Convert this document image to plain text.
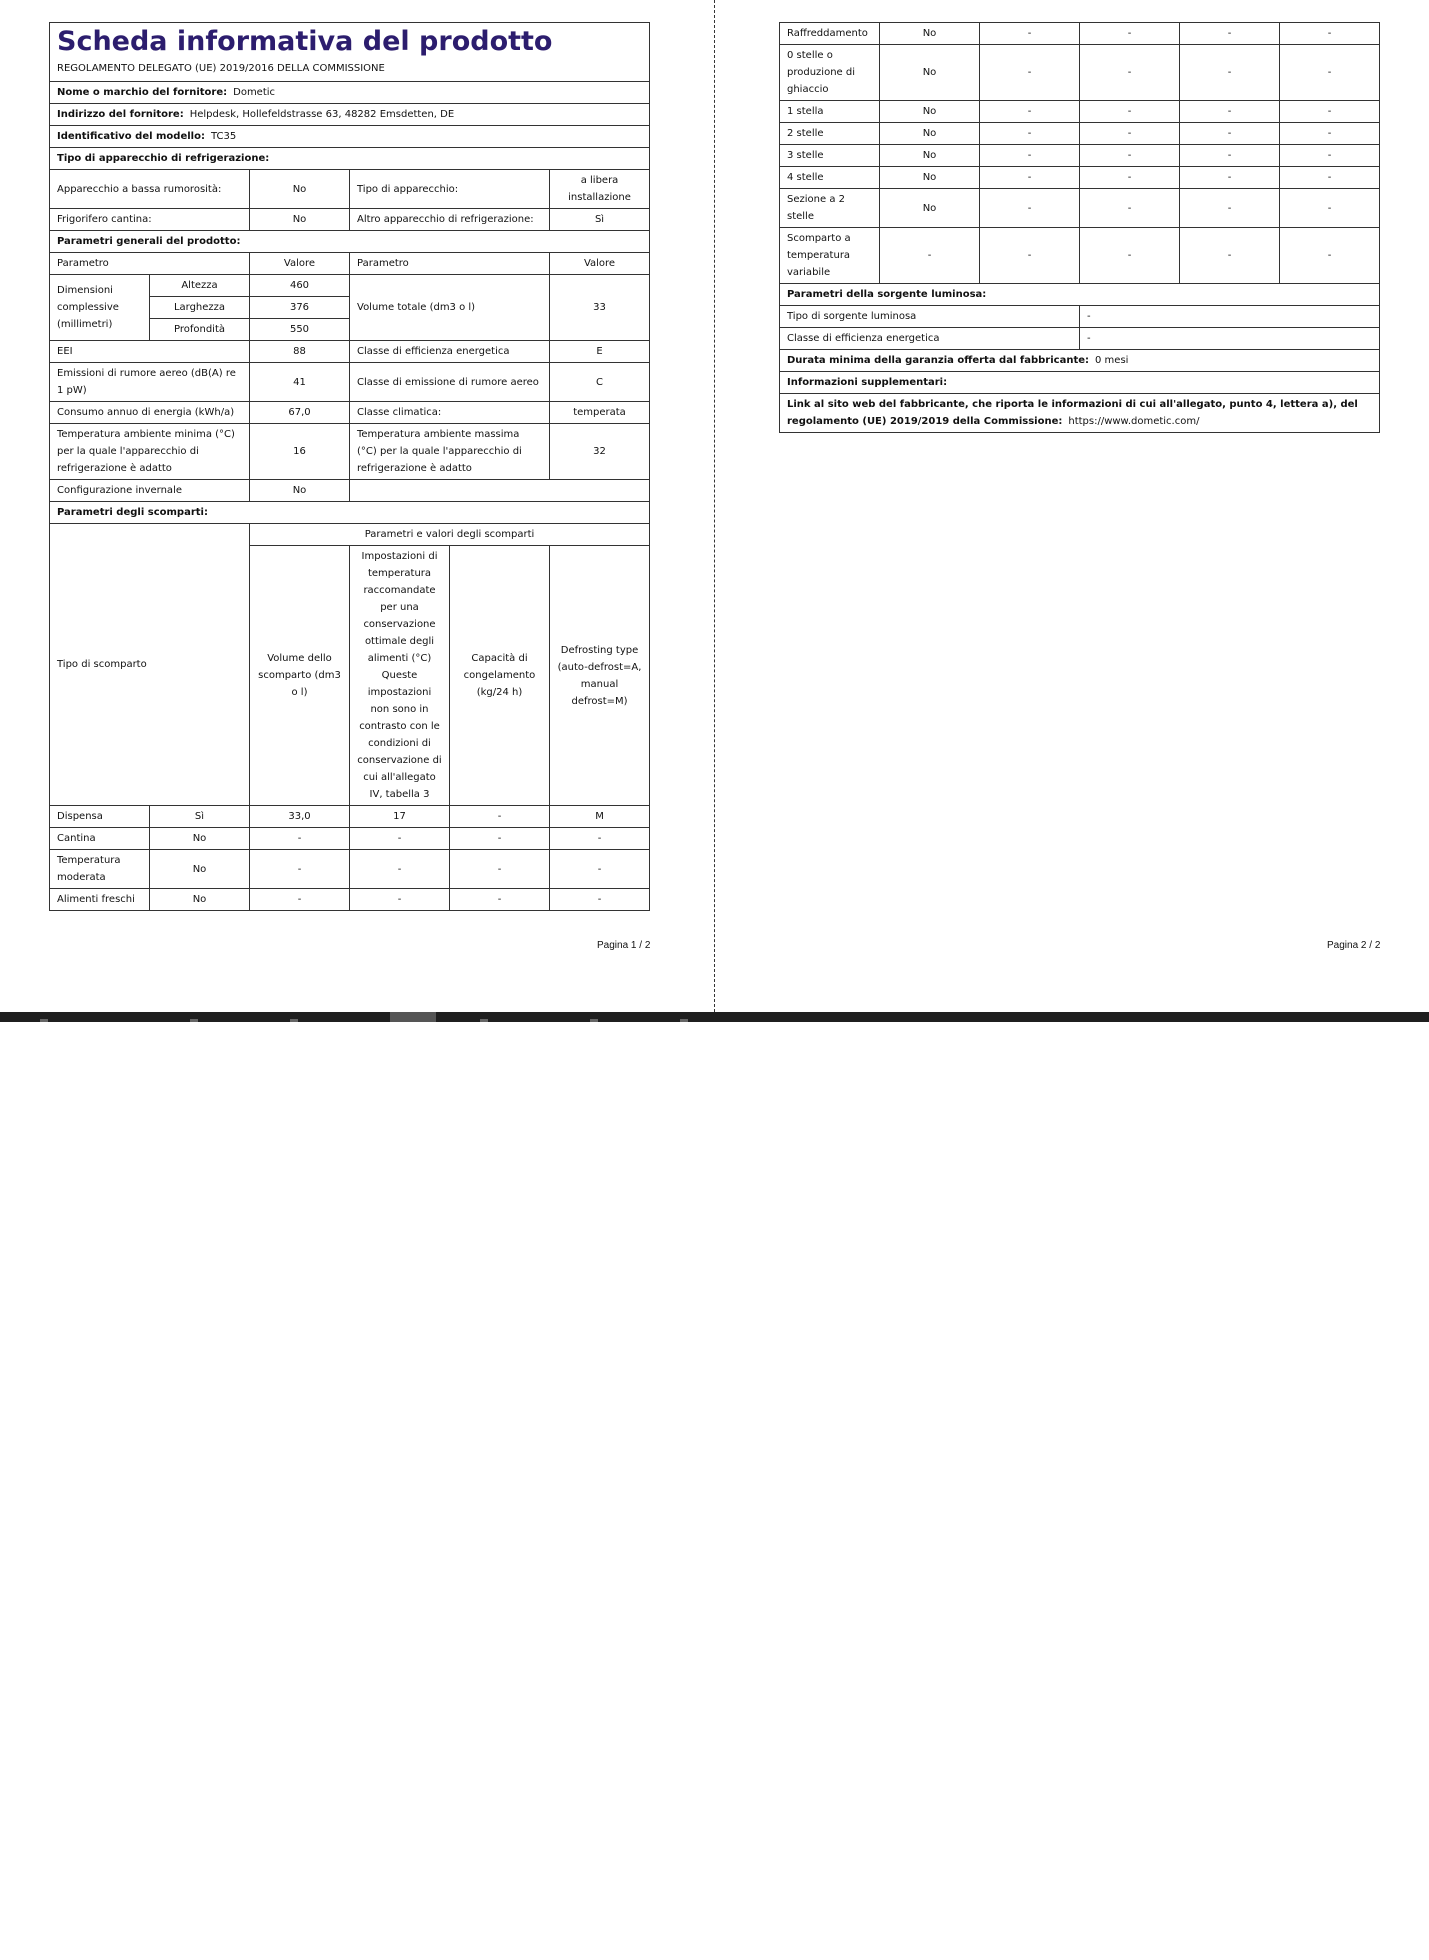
Scheda informativa del prodotto
REGOLAMENTO DELEGATO (UE) 2019/2016 DELLA COMMISSIONE					

Nome o marchio del fornitore: Dometic					
Indirizzo del fornitore: Helpdesk, Hollefeldstrasse 63, 48282 Emsdetten, DE					
Identificativo del modello: TC35					
Tipo di apparecchio di refrigerazione:					
Apparecchio a bassa rumorosità:		No	Tipo di apparecchio:		a libera installazione
Frigorifero cantina:		No	Altro apparecchio di refrigerazione:		Sì
Parametri generali del prodotto:					
Parametro		Valore	Parametro		Valore
Dimensioni complessive (millimetri)	Altezza	460	Volume totale (dm3 o l)		33
	Larghezza	376			
	Profondità	550			
EEI		88	Classe di efficienza energetica		E
Emissioni di rumore aereo (dB(A) re 1 pW)		41	Classe di emissione di rumore aereo		C
Consumo annuo di energia (kWh/a)		67,0	Classe climatica:		temperata
Temperatura ambiente minima (°C) per la quale l'apparecchio di refrigerazione è adatto		16	Temperatura ambiente massima (°C) per la quale l'apparecchio di refrigerazione è adatto		32
Configurazione invernale		No			
Parametri degli scomparti:					
Tipo di scomparto		Parametri e valori degli scomparti			
		Volume dello scomparto (dm3 o l)	Impostazioni di temperatura raccomandate per una conservazione ottimale degli alimenti (°C) Queste impostazioni non sono in contrasto con le condizioni di conservazione di cui all'allegato IV, tabella 3	Capacità di congelamento (kg/24 h)	Defrosting type (auto-defrost=A, manual defrost=M)
Dispensa	Sì	33,0	17	-	M
Cantina	No	-	-	-	-
Temperatura moderata	No	-	-	-	-
Alimenti freschi	No	-	-	-	-
Pagina 1 / 2
Raffreddamento	No	-	-	-	-
0 stelle o produzione di ghiaccio	No	-	-	-	-
1 stella	No	-	-	-	-
2 stelle	No	-	-	-	-
3 stelle	No	-	-	-	-
4 stelle	No	-	-	-	-
Sezione a 2 stelle	No	-	-	-	-
Scomparto a temperatura variabile	-	-	-	-	-
Parametri della sorgente luminosa:					
Tipo di sorgente luminosa			-		
Classe di efficienza energetica			-		
Durata minima della garanzia offerta dal fabbricante: 0 mesi					
Informazioni supplementari:					
Link al sito web del fabbricante, che riporta le informazioni di cui all'allegato, punto 4, lettera a), del regolamento (UE) 2019/2019 della Commissione: https://www.dometic.com/					
Pagina 2 / 2
